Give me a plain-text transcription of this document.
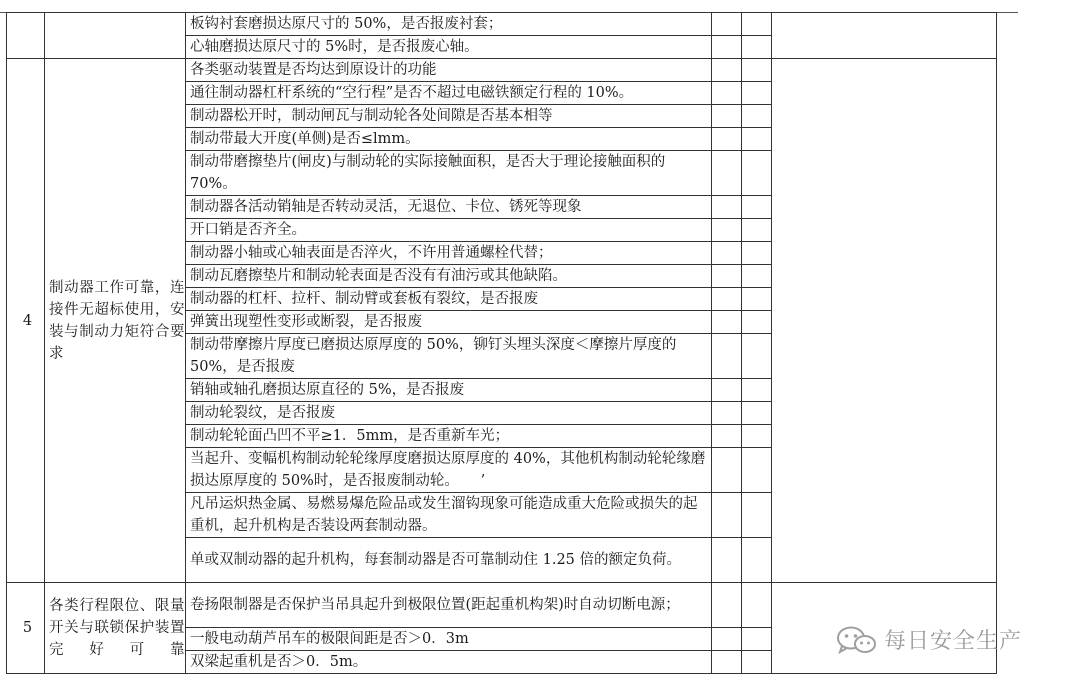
		板钩衬套磨损达原尺寸的 50%，是否报废衬套；			
		心轴磨损达原尺寸的 5%时，是否报废心轴。			
4	制动器工作可靠，连接件无超标使用，安装与制动力矩符合要求	各类驱动装置是否均达到原设计的功能			
		通往制动器杠杆系统的“空行程”是否不超过电磁铁额定行程的 10%。			
		制动器松开时，制动闸瓦与制动轮各处间隙是否基本相等			
		制动带最大开度(单侧)是否≤lmm。			
		制动带磨擦垫片(闸皮)与制动轮的实际接触面积，是否大于理论接触面积的 70%。			
		制动器各活动销轴是否转动灵活，无退位、卡位、锈死等现象			
		开口销是否齐全。			
		制动器小轴或心轴表面是否淬火，不许用普通螺栓代替；			
		制动瓦磨擦垫片和制动轮表面是否没有有油污或其他缺陷。			
		制动器的杠杆、拉杆、制动臂或套板有裂纹，是否报废			
		弹簧出现塑性变形或断裂，是否报废			
		制动带摩擦片厚度已磨损达原厚度的 50%，铆钉头埋头深度＜摩擦片厚度的 50%，是否报废			
		销轴或轴孔磨损达原直径的 5%，是否报废			
		制动轮裂纹，是否报废			
		制动轮轮面凸凹不平≥1．5mm，是否重新车光；			
		当起升、变幅机构制动轮轮缘厚度磨损达原厚度的 40%，其他机构制动轮轮缘磨损达原厚度的 50%时，是否报废制动轮。　　’			
		凡吊运炽热金属、易燃易爆危险品或发生溜钩现象可能造成重大危险或损失的起重机，起升机构是否装设两套制动器。			
		单或双制动器的起升机构，每套制动器是否可靠制动住 1.25 倍的额定负荷。			
5	各类行程限位、限量开关与联锁保护装置完好可靠	卷扬限制器是否保护当吊具起升到极限位置(距起重机构架)时自动切断电源；			
		一般电动葫芦吊车的极限间距是否＞0．3m			
		双梁起重机是否＞0．5m。			
每日安全生产
